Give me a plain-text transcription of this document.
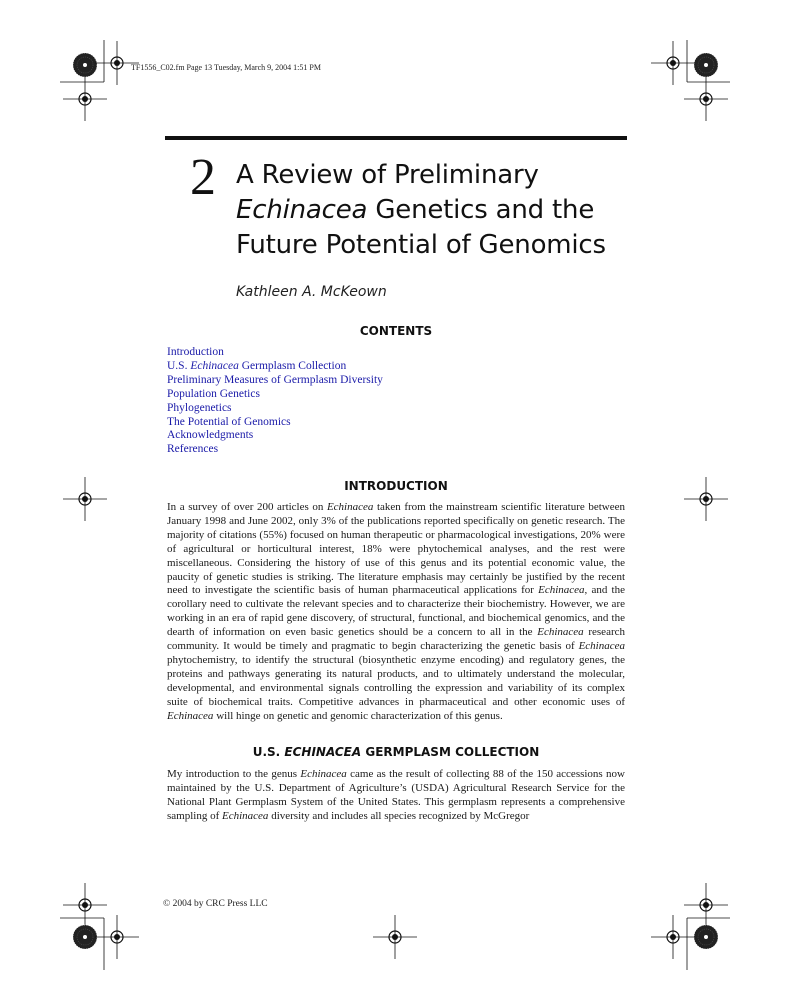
TF1556_C02.fm Page 13 Tuesday, March 9, 2004 1:51 PM
2 A Review of Preliminary
Echinacea Genetics and the
Future Potential of Genomics
Kathleen A. McKeown
CONTENTS
Introduction
U.S. Echinacea Germplasm Collection
Preliminary Measures of Germplasm Diversity
Population Genetics
Phylogenetics
The Potential of Genomics
Acknowledgments
References
INTRODUCTION

In a survey of over 200 articles on Echinacea taken from the mainstream scientific literature between January 1998 and June 2002, only 3% of the publications reported specifically on genetic research. The majority of citations (55%) focused on human therapeutic or pharmacological investigations, 20% were of agricultural or horticultural interest, 18% were phytochemical analyses, and the rest were miscellaneous. Considering the history of use of this genus and its potential economic value, the paucity of genetic studies is striking. The literature emphasis may certainly be justified by the recent need to investigate the scientific basis of human pharmaceutical applications for Echinacea, and the corollary need to cultivate the relevant species and to characterize their biochemistry. However, we are working in an era of rapid gene discovery, of structural, functional, and biochemical genomics, and the dearth of information on even basic genetics should be a concern to all in the Echinacea research community. It would be timely and pragmatic to begin characterizing the genetic basis of Echinacea phytochemistry, to identify the structural (biosynthetic enzyme encoding) and regulatory genes, the proteins and pathways generating its natural products, and to ultimately understand the molecular, developmental, and environmental signals controlling the expression and variability of its complex suite of biochemical traits. Competitive advances in pharmaceutical and other economic uses of Echinacea will hinge on genetic and genomic characterization of this genus.

U.S. ECHINACEA GERMPLASM COLLECTION

My introduction to the genus Echinacea came as the result of collecting 88 of the 150 accessions now maintained by the U.S. Department of Agriculture’s (USDA) Agricultural Research Service for the National Plant Germplasm System of the United States. This germplasm represents a comprehensive sampling of Echinacea diversity and includes all species recognized by McGregor

© 2004 by CRC Press LLC
